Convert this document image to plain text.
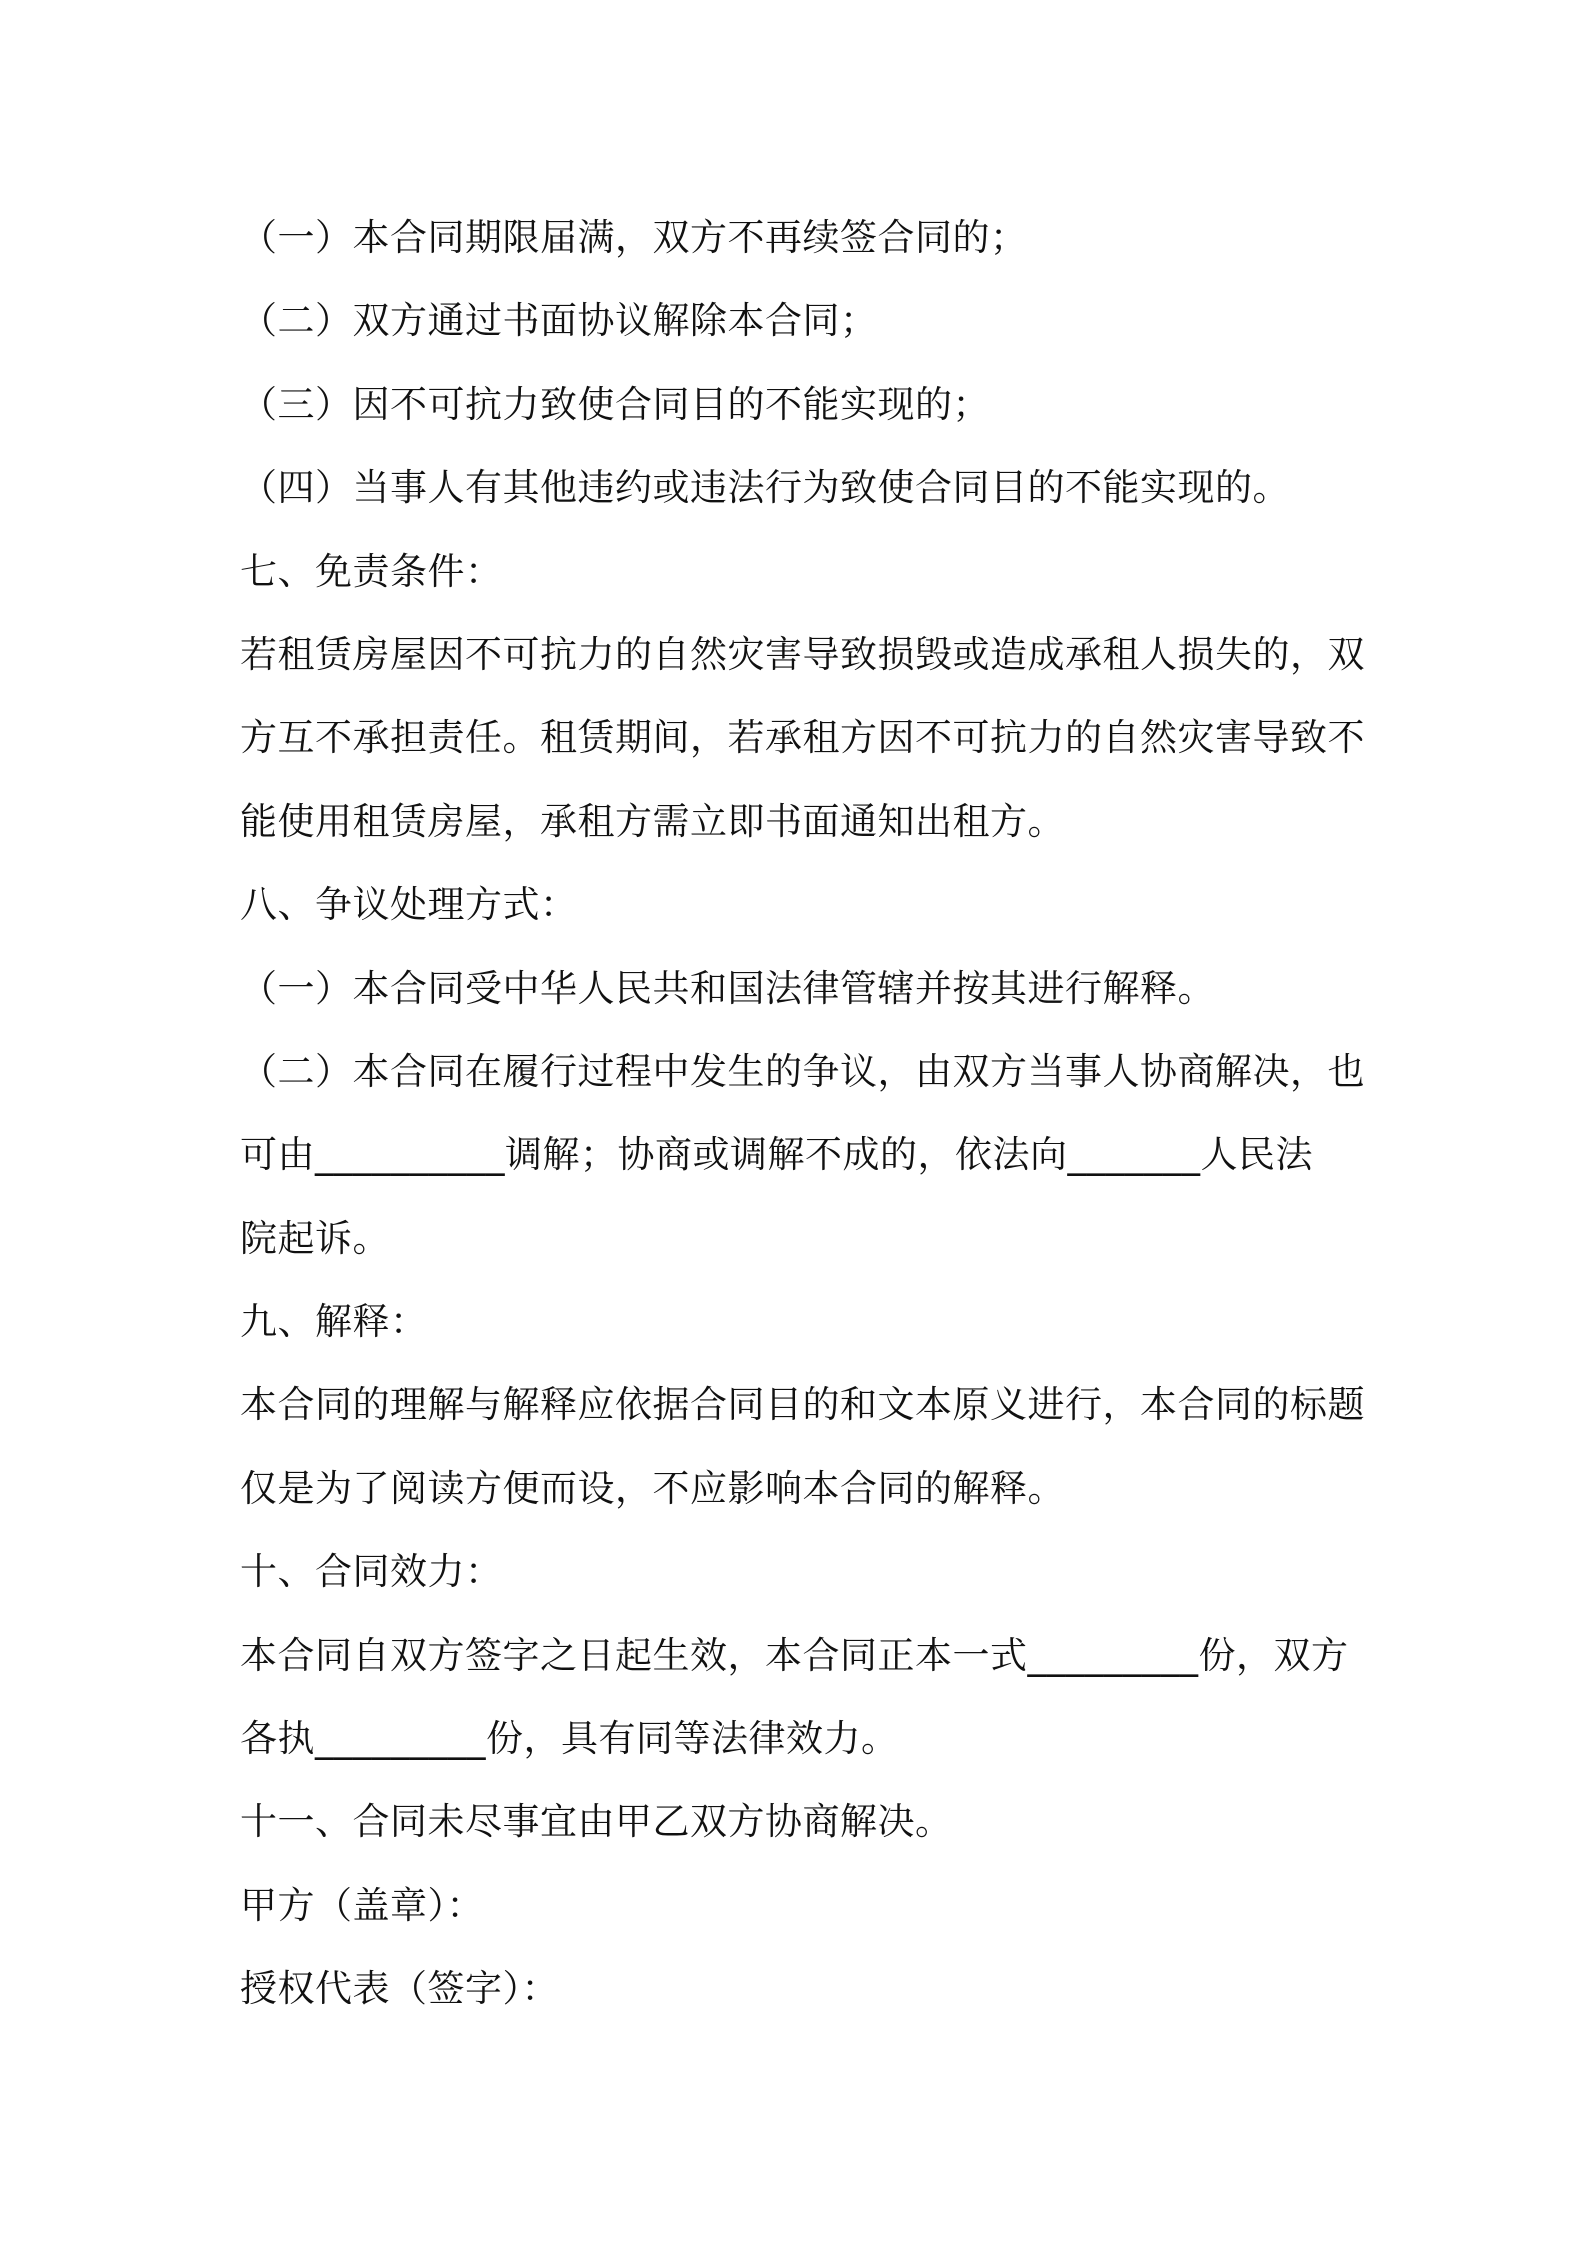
（一）本合同期限届满，双方不再续签合同的；
（二）双方通过书面协议解除本合同；
（三）因不可抗力致使合同目的不能实现的；
（四）当事人有其他违约或违法行为致使合同目的不能实现的。
七、免责条件：
若租赁房屋因不可抗力的自然灾害导致损毁或造成承租人损失的，双
方互不承担责任。租赁期间，若承租方因不可抗力的自然灾害导致不
能使用租赁房屋，承租方需立即书面通知出租方。
八、争议处理方式：
（一）本合同受中华人民共和国法律管辖并按其进行解释。
（二）本合同在履行过程中发生的争议，由双方当事人协商解决，也
可由__________调解；协商或调解不成的，依法向_______人民法
院起诉。
九、解释：
本合同的理解与解释应依据合同目的和文本原义进行，本合同的标题
仅是为了阅读方便而设，不应影响本合同的解释。
十、合同效力：
本合同自双方签字之日起生效，本合同正本一式_________份，双方
各执_________份，具有同等法律效力。
十一、合同未尽事宜由甲乙双方协商解决。
甲方（盖章）：
授权代表（签字）：
